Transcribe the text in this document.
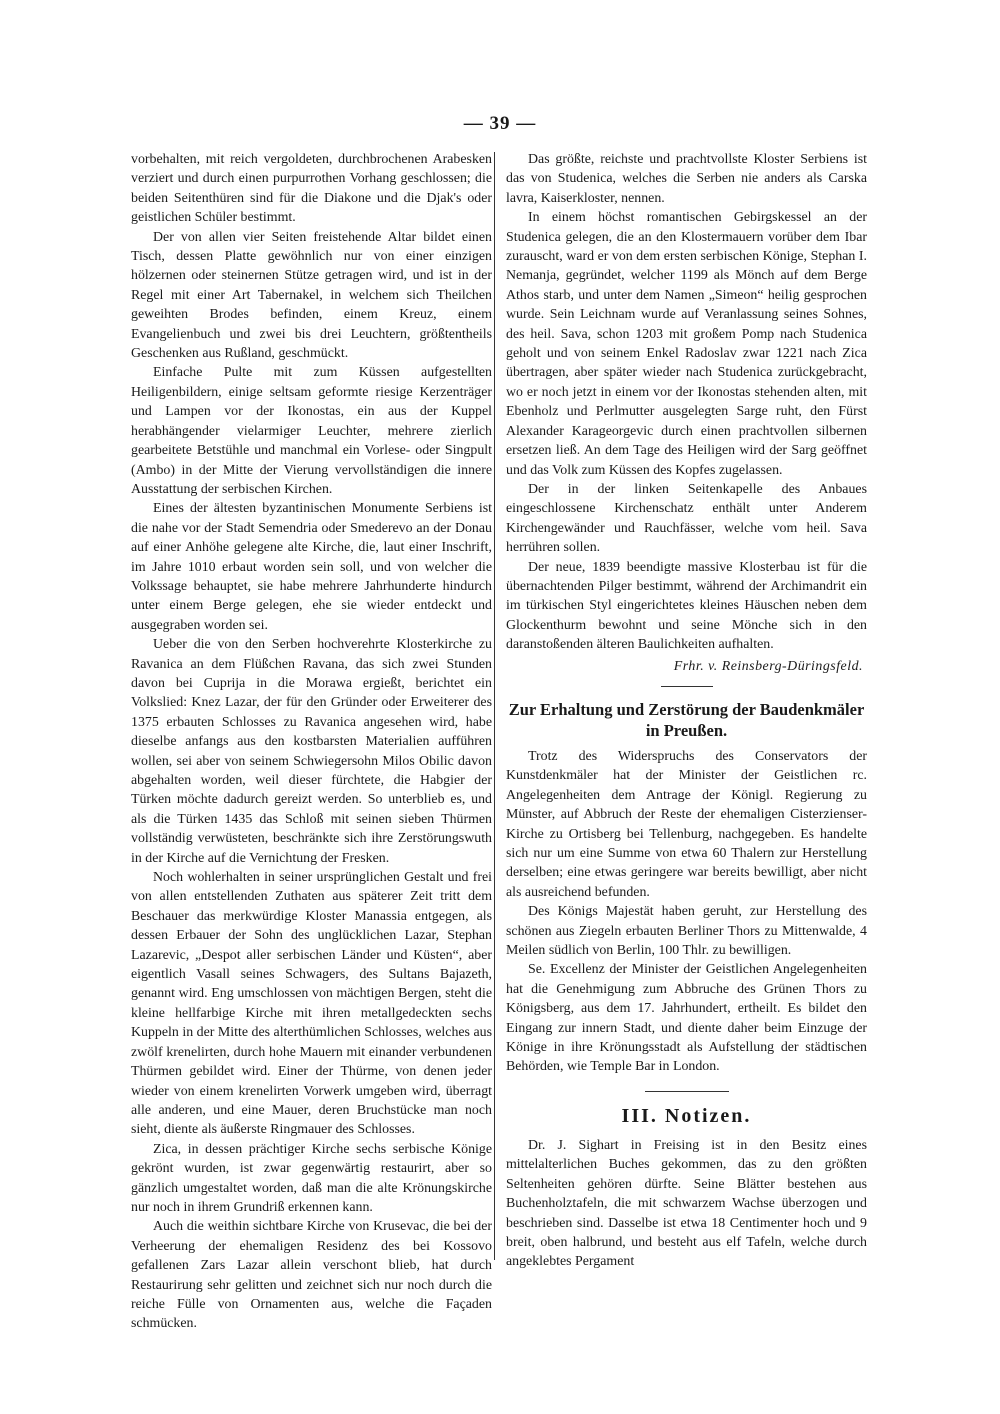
— 39 —

vorbehalten, mit reich vergoldeten, durchbrochenen Arabesken verziert und durch einen purpurrothen Vorhang geschlossen; die beiden Seitenthüren sind für die Diakone und die Djak's oder geistlichen Schüler bestimmt.

Der von allen vier Seiten freistehende Altar bildet einen Tisch, dessen Platte gewöhnlich nur von einer einzigen hölzernen oder steinernen Stütze getragen wird, und ist in der Regel mit einer Art Tabernakel, in welchem sich Theilchen geweihten Brodes befinden, einem Kreuz, einem Evangelienbuch und zwei bis drei Leuchtern, größtentheils Geschenken aus Rußland, geschmückt.

Einfache Pulte mit zum Küssen aufgestellten Heiligenbildern, einige seltsam geformte riesige Kerzenträger und Lampen vor der Ikonostas, ein aus der Kuppel herabhängender vielarmiger Leuchter, mehrere zierlich gearbeitete Betstühle und manchmal ein Vorlese- oder Singpult (Ambo) in der Mitte der Vierung vervollständigen die innere Ausstattung der serbischen Kirchen.

Eines der ältesten byzantinischen Monumente Serbiens ist die nahe vor der Stadt Semendria oder Smederevo an der Donau auf einer Anhöhe gelegene alte Kirche, die, laut einer Inschrift, im Jahre 1010 erbaut worden sein soll, und von welcher die Volkssage behauptet, sie habe mehrere Jahrhunderte hindurch unter einem Berge gelegen, ehe sie wieder entdeckt und ausgegraben worden sei.

Ueber die von den Serben hochverehrte Klosterkirche zu Ravanica an dem Flüßchen Ravana, das sich zwei Stunden davon bei Cuprija in die Morawa ergießt, berichtet ein Volkslied: Knez Lazar, der für den Gründer oder Erweiterer des 1375 erbauten Schlosses zu Ravanica angesehen wird, habe dieselbe anfangs aus den kostbarsten Materialien aufführen wollen, sei aber von seinem Schwiegersohn Milos Obilic davon abgehalten worden, weil dieser fürchtete, die Habgier der Türken möchte dadurch gereizt werden. So unterblieb es, und als die Türken 1435 das Schloß mit seinen sieben Thürmen vollständig verwüsteten, beschränkte sich ihre Zerstörungswuth in der Kirche auf die Vernichtung der Fresken.

Noch wohlerhalten in seiner ursprünglichen Gestalt und frei von allen entstellenden Zuthaten aus späterer Zeit tritt dem Beschauer das merkwürdige Kloster Manassia entgegen, als dessen Erbauer der Sohn des unglücklichen Lazar, Stephan Lazarevic, „Despot aller serbischen Länder und Küsten“, aber eigentlich Vasall seines Schwagers, des Sultans Bajazeth, genannt wird. Eng umschlossen von mächtigen Bergen, steht die kleine hellfarbige Kirche mit ihren metallgedeckten sechs Kuppeln in der Mitte des alterthümlichen Schlosses, welches aus zwölf krenelirten, durch hohe Mauern mit einander verbundenen Thürmen gebildet wird. Einer der Thürme, von denen jeder wieder von einem krenelirten Vorwerk umgeben wird, überragt alle anderen, und eine Mauer, deren Bruchstücke man noch sieht, diente als äußerste Ringmauer des Schlosses.

Zica, in dessen prächtiger Kirche sechs serbische Könige gekrönt wurden, ist zwar gegenwärtig restaurirt, aber so gänzlich umgestaltet worden, daß man die alte Krönungskirche nur noch in ihrem Grundriß erkennen kann.

Auch die weithin sichtbare Kirche von Krusevac, die bei der Verheerung der ehemaligen Residenz des bei Kossovo gefallenen Zars Lazar allein verschont blieb, hat durch Restaurirung sehr gelitten und zeichnet sich nur noch durch die reiche Fülle von Ornamenten aus, welche die Façaden schmücken.

Das größte, reichste und prachtvollste Kloster Serbiens ist das von Studenica, welches die Serben nie anders als Carska lavra, Kaiserkloster, nennen.

In einem höchst romantischen Gebirgskessel an der Studenica gelegen, die an den Klostermauern vorüber dem Ibar zurauscht, ward er von dem ersten serbischen Könige, Stephan I. Nemanja, gegründet, welcher 1199 als Mönch auf dem Berge Athos starb, und unter dem Namen „Simeon“ heilig gesprochen wurde. Sein Leichnam wurde auf Veranlassung seines Sohnes, des heil. Sava, schon 1203 mit großem Pomp nach Studenica geholt und von seinem Enkel Radoslav zwar 1221 nach Zica übertragen, aber später wieder nach Studenica zurückgebracht, wo er noch jetzt in einem vor der Ikonostas stehenden alten, mit Ebenholz und Perlmutter ausgelegten Sarge ruht, den Fürst Alexander Karageorgevic durch einen prachtvollen silbernen ersetzen ließ. An dem Tage des Heiligen wird der Sarg geöffnet und das Volk zum Küssen des Kopfes zugelassen.

Der in der linken Seitenkapelle des Anbaues eingeschlossene Kirchenschatz enthält unter Anderem Kirchengewänder und Rauchfässer, welche vom heil. Sava herrühren sollen.

Der neue, 1839 beendigte massive Klosterbau ist für die übernachtenden Pilger bestimmt, während der Archimandrit ein im türkischen Styl eingerichtetes kleines Häuschen neben dem Glockenthurm bewohnt und seine Mönche sich in den daranstoßenden älteren Baulichkeiten aufhalten.

Frhr. v. Reinsberg-Düringsfeld.
Zur Erhaltung und Zerstörung der Baudenkmäler in Preußen.

Trotz des Widerspruchs des Conservators der Kunstdenkmäler hat der Minister der Geistlichen rc. Angelegenheiten dem Antrage der Königl. Regierung zu Münster, auf Abbruch der Reste der ehemaligen Cisterzienser-Kirche zu Ortisberg bei Tellenburg, nachgegeben. Es handelte sich nur um eine Summe von etwa 60 Thalern zur Herstellung derselben; eine etwas geringere war bereits bewilligt, aber nicht als ausreichend befunden.

Des Königs Majestät haben geruht, zur Herstellung des schönen aus Ziegeln erbauten Berliner Thors zu Mittenwalde, 4 Meilen südlich von Berlin, 100 Thlr. zu bewilligen.

Se. Excellenz der Minister der Geistlichen Angelegenheiten hat die Genehmigung zum Abbruche des Grünen Thors zu Königsberg, aus dem 17. Jahrhundert, ertheilt. Es bildet den Eingang zur innern Stadt, und diente daher beim Einzuge der Könige in ihre Krönungsstadt als Aufstellung der städtischen Behörden, wie Temple Bar in London.

III. Notizen.

Dr. J. Sighart in Freising ist in den Besitz eines mittelalterlichen Buches gekommen, das zu den größten Seltenheiten gehören dürfte. Seine Blätter bestehen aus Buchenholztafeln, die mit schwarzem Wachse überzogen und beschrieben sind. Dasselbe ist etwa 18 Centimenter hoch und 9 breit, oben halbrund, und besteht aus elf Tafeln, welche durch angeklebtes Pergament
